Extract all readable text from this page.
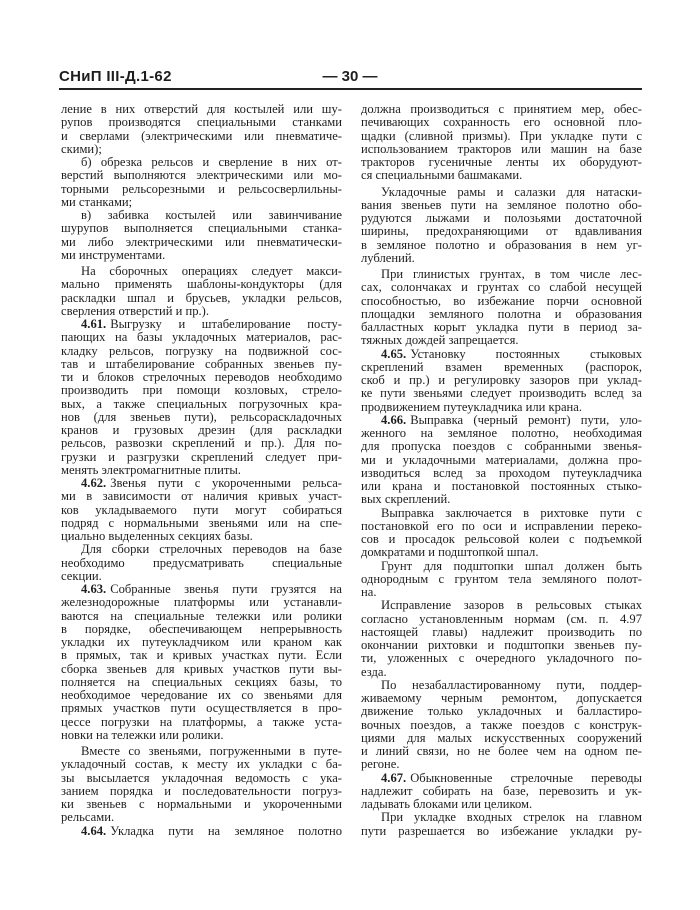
СНиП III-Д.1-62	— 30 —
ление в них отверстий для костылей или шу-
рупов производятся специальными станками
и сверлами (электрическими или пневматиче-
скими);
б) обрезка рельсов и сверление в них от-
верстий выполняются электрическими или мо-
торными рельсорезными и рельсосверлильны-
ми станками;
в) забивка костылей или завинчивание
шурупов выполняется специальными станка-
ми либо электрическими или пневматически-
ми инструментами.
На сборочных операциях следует макси-
мально применять шаблоны-кондукторы (для
раскладки шпал и брусьев, укладки рельсов,
сверления отверстий и пр.).
4.61. Выгрузку и штабелирование посту-
пающих на базы укладочных материалов, рас-
кладку рельсов, погрузку на подвижной сос-
тав и штабелирование собранных звеньев пу-
ти и блоков стрелочных переводов необходимо
производить при помощи козловых, стрело-
вых, а также специальных погрузочных кра-
нов (для звеньев пути), рельсораскладочных
кранов и грузовых дрезин (для раскладки
рельсов, развозки скреплений и пр.). Для по-
грузки и разгрузки скреплений следует при-
менять электромагнитные плиты.
4.62. Звенья пути с укороченными рельса-
ми в зависимости от наличия кривых участ-
ков укладываемого пути могут собираться
подряд с нормальными звеньями или на спе-
циально выделенных секциях базы.
Для сборки стрелочных переводов на базе
необходимо предусматривать специальные
секции.
4.63. Собранные звенья пути грузятся на
железнодорожные платформы или устанавли-
ваются на специальные тележки или ролики
в порядке, обеспечивающем непрерывность
укладки их путеукладчиком или краном как
в прямых, так и кривых участках пути. Если
сборка звеньев для кривых участков пути вы-
полняется на специальных секциях базы, то
необходимое чередование их со звеньями для
прямых участков пути осуществляется в про-
цессе погрузки на платформы, а также уста-
новки на тележки или ролики.
Вместе со звеньями, погруженными в путе-
укладочный состав, к месту их укладки с ба-
зы высылается укладочная ведомость с ука-
занием порядка и последовательности погруз-
ки звеньев с нормальными и укороченными
рельсами.
4.64. Укладка пути на земляное полотно
должна производиться с принятием мер, обес-
печивающих сохранность его основной пло-
щадки (сливной призмы). При укладке пути с
использованием тракторов или машин на базе
тракторов гусеничные ленты их оборудуют-
ся специальными башмаками.
Укладочные рамы и салазки для натаски-
вания звеньев пути на земляное полотно обо-
рудуются лыжами и полозьями достаточной
ширины, предохраняющими от вдавливания
в земляное полотно и образования в нем уг-
лублений.
При глинистых грунтах, в том числе лес-
сах, солончаках и грунтах со слабой несущей
способностью, во избежание порчи основной
площадки земляного полотна и образования
балластных корыт укладка пути в период за-
тяжных дождей запрещается.
4.65. Установку постоянных стыковых
скреплений взамен временных (распорок,
скоб и пр.) и регулировку зазоров при уклад-
ке пути звеньями следует производить вслед за
продвижением путеукладчика или крана.
4.66. Выправка (черный ремонт) пути, уло-
женного на земляное полотно, необходимая
для пропуска поездов с собранными звенья-
ми и укладочными материалами, должна про-
изводиться вслед за проходом путеукладчика
или крана и постановкой постоянных стыко-
вых скреплений.
Выправка заключается в рихтовке пути с
постановкой его по оси и исправлении переко-
сов и просадок рельсовой колеи с подъемкой
домкратами и подштопкой шпал.
Грунт для подштопки шпал должен быть
однородным с грунтом тела земляного полот-
на.
Исправление зазоров в рельсовых стыках
согласно установленным нормам (см. п. 4.97
настоящей главы) надлежит производить по
окончании рихтовки и подштопки звеньев пу-
ти, уложенных с очередного укладочного по-
езда.
По незабалластированному пути, поддер-
живаемому черным ремонтом, допускается
движение только укладочных и балластиро-
вочных поездов, а также поездов с конструк-
циями для малых искусственных сооружений
и линий связи, но не более чем на одном пе-
регоне.
4.67. Обыкновенные стрелочные переводы
надлежит собирать на базе, перевозить и ук-
ладывать блоками или целиком.
При укладке входных стрелок на главном
пути разрешается во избежание укладки ру-
